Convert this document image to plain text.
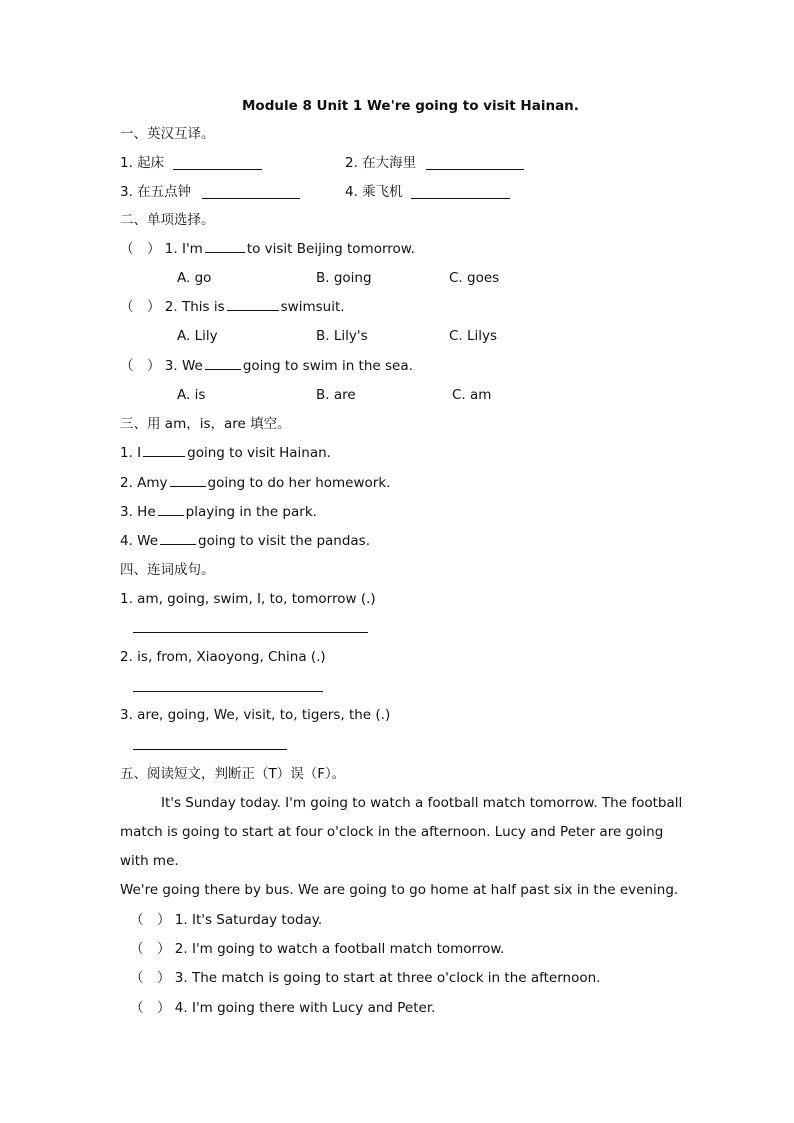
Module 8 Unit 1 We're going to visit Hainan.
一、英汉互译。
1. 起床	2. 在大海里
3. 在五点钟	4. 乘飞机
二、单项选择。
（　） 1. I'm	to visit Beijing tomorrow.
A. go	B. going	C. goes
（　） 2. This is	swimsuit.
A. Lily	B. Lily's	C. Lilys
（　） 3. We	going to swim in the sea.
A. is	B. are	C. am
三、用 am，is，are 填空。
1. I	going to visit Hainan.
2. Amy	going to do her homework.
3. He playing in the park.
4. We	going to visit the pandas.
四、连词成句。
1. am, going, swim, I, to, tomorrow (.)
2. is, from, Xiaoyong, China (.)
3. are, going, We, visit, to, tigers, the (.)
五、阅读短文，判断正（T）误（F）。
It's Sunday today. I'm going to watch a football match tomorrow. The football
match is going to start at four o'clock in the afternoon. Lucy and Peter are going
with me.
We're going there by bus. We are going to go home at half past six in the evening.
（　） 1. It's Saturday today.
（　） 2. I'm going to watch a football match tomorrow.
（　） 3. The match is going to start at three o'clock in the afternoon.
（　） 4. I'm going there with Lucy and Peter.
